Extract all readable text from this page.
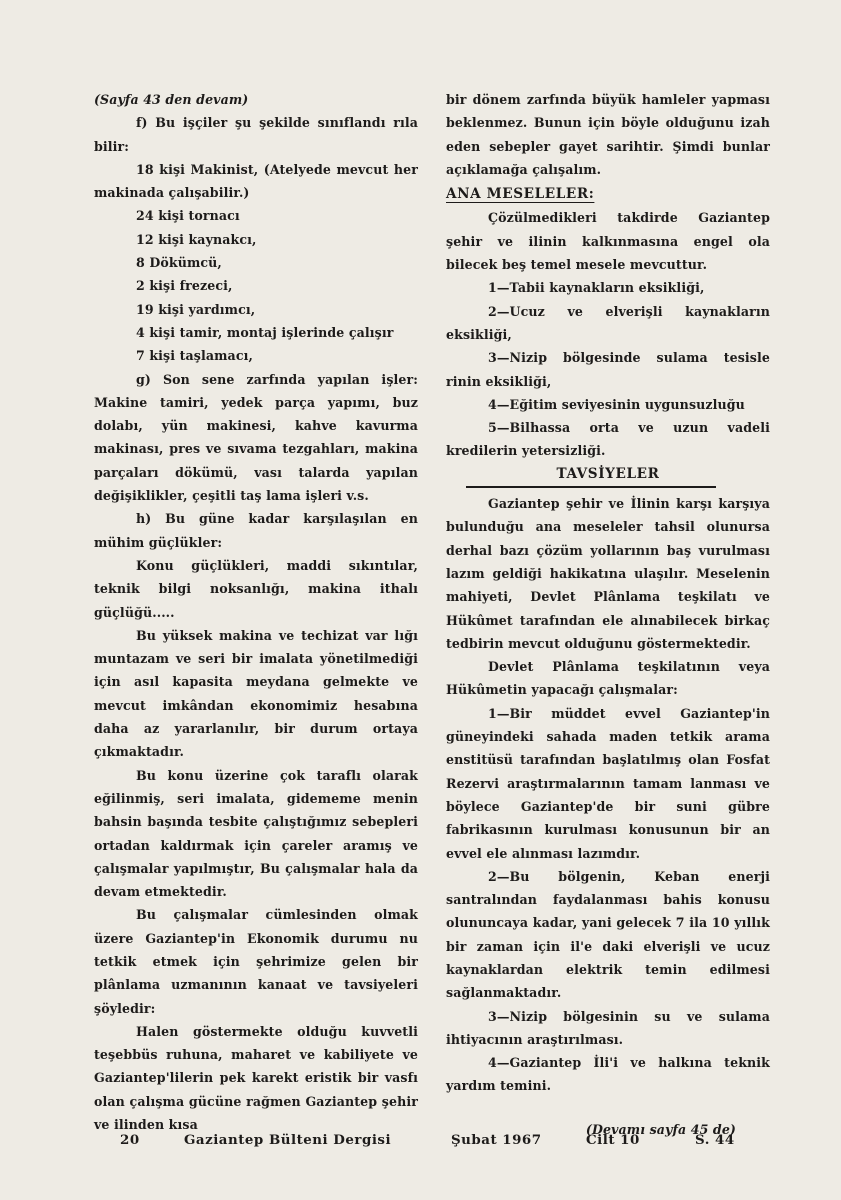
(Sayfa 43 den devam)

f) Bu işçiler şu şekilde sınıflandı rıla bilir:

18 kişi Makinist, (Atelyede mevcut her makinada çalışabilir.)

24 kişi tornacı

12 kişi kaynakcı,

8 Dökümcü,

2 kişi frezeci,

19 kişi yardımcı,

4 kişi tamir, montaj işlerinde çalışır

7 kişi taşlamacı,

g) Son sene zarfında yapılan işler: Makine tamiri, yedek parça yapımı, buz dolabı, yün makinesi, kahve kavurma makinası, pres ve sıvama tezgahları, makina parçaları dökümü, vası talarda yapılan değişiklikler, çeşitli taş lama işleri v.s.

h) Bu güne kadar karşılaşılan en mühim güçlükler:

Konu güçlükleri, maddi sıkıntılar, teknik bilgi noksanlığı, makina ithalı güçlüğü.....

Bu yüksek makina ve techizat var lığı muntazam ve seri bir imalata yönetilmediği için asıl kapasita meydana gelmekte ve mevcut imkândan ekonomimiz hesabına daha az yararlanılır, bir durum ortaya çıkmaktadır.

Bu konu üzerine çok taraflı olarak eğilinmiş, seri imalata, gidememe menin bahsin başında tesbite çalıştığımız sebepleri ortadan kaldırmak için çareler aramış ve çalışmalar yapılmıştır, Bu çalışmalar hala da devam etmektedir.

Bu çalışmalar cümlesinden olmak üzere Gaziantep'in Ekonomik durumu nu tetkik etmek için şehrimize gelen bir plânlama uzmanının kanaat ve tavsiyeleri şöyledir:

Halen göstermekte olduğu kuvvetli teşebbüs ruhuna, maharet ve kabiliyete ve Gaziantep'lilerin pek karekt eristik bir vasfı olan çalışma gücüne rağmen Gaziantep şehir ve ilinden kısa

bir dönem zarfında büyük hamleler yapması beklenmez. Bunun için böyle olduğunu izah eden sebepler gayet sarihtir. Şimdi bunlar açıklamağa çalışalım.

ANA MESELELER:

Çözülmedikleri takdirde Gaziantep şehir ve ilinin kalkınmasına engel ola bilecek beş temel mesele mevcuttur.

1—Tabii kaynakların eksikliği,

2—Ucuz ve elverişli kaynakların eksikliği,

3—Nizip bölgesinde sulama tesisle rinin eksikliği,

4—Eğitim seviyesinin uygunsuzluğu

5—Bilhassa orta ve uzun vadeli kredilerin yetersizliği.

TAVSİYELER

Gaziantep şehir ve İlinin karşı karşıya bulunduğu ana meseleler tahsil olunursa derhal bazı çözüm yollarının baş vurulması lazım geldiği hakikatına ulaşılır. Meselenin mahiyeti, Devlet Plânlama teşkilatı ve Hükûmet tarafından ele alınabilecek birkaç tedbirin mevcut olduğunu göstermektedir.

Devlet Plânlama teşkilatının veya Hükûmetin yapacağı çalışmalar:

1—Bir müddet evvel Gaziantep'in güneyindeki sahada maden tetkik arama enstitüsü tarafından başlatılmış olan Fosfat Rezervi araştırmalarının tamam lanması ve böylece Gaziantep'de bir suni gübre fabrikasının kurulması konusunun bir an evvel ele alınması lazımdır.

2—Bu bölgenin, Keban enerji santralından faydalanması bahis konusu olununcaya kadar, yani gelecek 7 ila 10 yıllık bir zaman için il'e daki elverişli ve ucuz kaynaklardan elektrik temin edilmesi sağlanmaktadır.

3—Nizip bölgesinin su ve sulama ihtiyacının araştırılması.

4—Gaziantep İli'i ve halkına teknik yardım temini.

(Devamı sayfa 45 de)

20	Gaziantep Bülteni Dergisi	Şubat 1967	Cilt 10	S. 44
